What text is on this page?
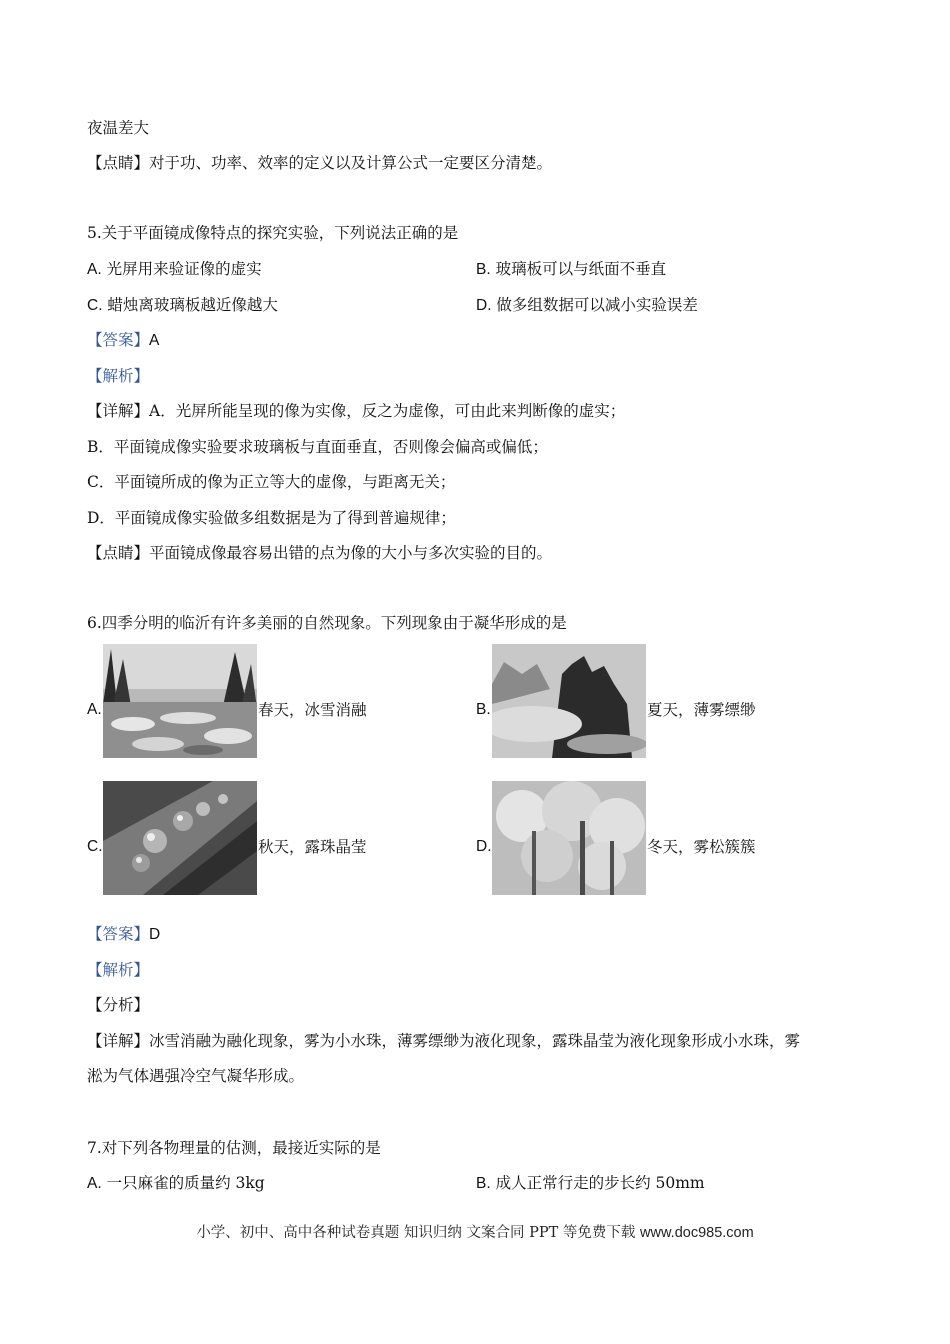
夜温差大
【点睛】对于功、功率、效率的定义以及计算公式一定要区分清楚。
5.关于平面镜成像特点的探究实验，下列说法正确的是
A. 光屏用来验证像的虚实	B. 玻璃板可以与纸面不垂直
C. 蜡烛离玻璃板越近像越大	D. 做多组数据可以减小实验误差
【答案】A
【解析】
【详解】A．光屏所能呈现的像为实像，反之为虚像，可由此来判断像的虚实；
B．平面镜成像实验要求玻璃板与直面垂直，否则像会偏高或偏低；
C．平面镜所成的像为正立等大的虚像，与距离无关；
D．平面镜成像实验做多组数据是为了得到普遍规律；
【点睛】平面镜成像最容易出错的点为像的大小与多次实验的目的。
6.四季分明的临沂有许多美丽的自然现象。下列现象由于凝华形成的是
A.	春天，冰雪消融	B.	夏天，薄雾缥缈
C.	秋天，露珠晶莹	D.	冬天，雾松簇簇
【答案】D
【解析】
【分析】
【详解】冰雪消融为融化现象，雾为小水珠，薄雾缥缈为液化现象，露珠晶莹为液化现象形成小水珠，雾
淞为气体遇强冷空气凝华形成。
7.对下列各物理量的估测，最接近实际的是
A. 一只麻雀的质量约 3kg	B. 成人正常行走的步长约 50mm
小学、初中、高中各种试卷真题 知识归纳 文案合同 PPT 等免费下载 www.doc985.com
